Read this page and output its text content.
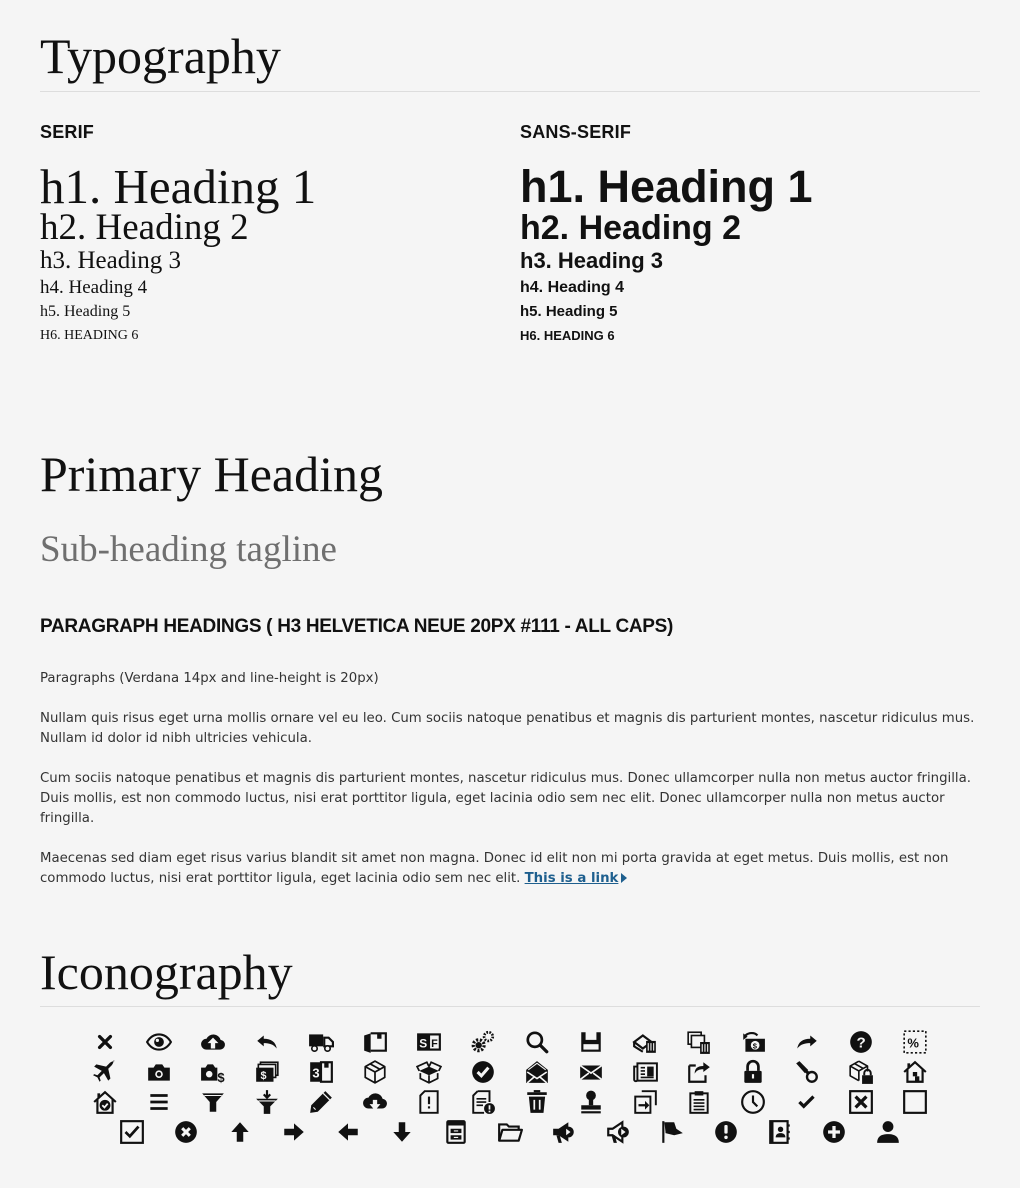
Typography
SERIF
h1. Heading 1
h2. Heading 2
h3. Heading 3
h4. Heading 4
h5. Heading 5
H6. HEADING 6
SANS-SERIF
h1. Heading 1
h2. Heading 2
h3. Heading 3
h4. Heading 4
h5. Heading 5
H6. HEADING 6
Primary Heading
Sub-heading tagline
PARAGRAPH HEADINGS ( H3 HELVETICA NEUE 20PX #111 - ALL CAPS)

Paragraphs (Verdana 14px and line-height is 20px)

Nullam quis risus eget urna mollis ornare vel eu leo. Cum sociis natoque penatibus et magnis dis parturient montes, nascetur ridiculus mus. Nullam id dolor id nibh ultricies vehicula.

Cum sociis natoque penatibus et magnis dis parturient montes, nascetur ridiculus mus. Donec ullamcorper nulla non metus auctor fringilla. Duis mollis, est non commodo luctus, nisi erat porttitor ligula, eget lacinia odio sem nec elit. Donec ullamcorper nulla non metus auctor fringilla.

Maecenas sed diam eget risus varius blandit sit amet non magna. Donec id elit non mi porta gravida at eget metus. Duis mollis, est non commodo luctus, nisi erat porttitor ligula, eget lacinia odio sem nec elit. This is a link

Iconography
S F	$	?	%
$	$	3
